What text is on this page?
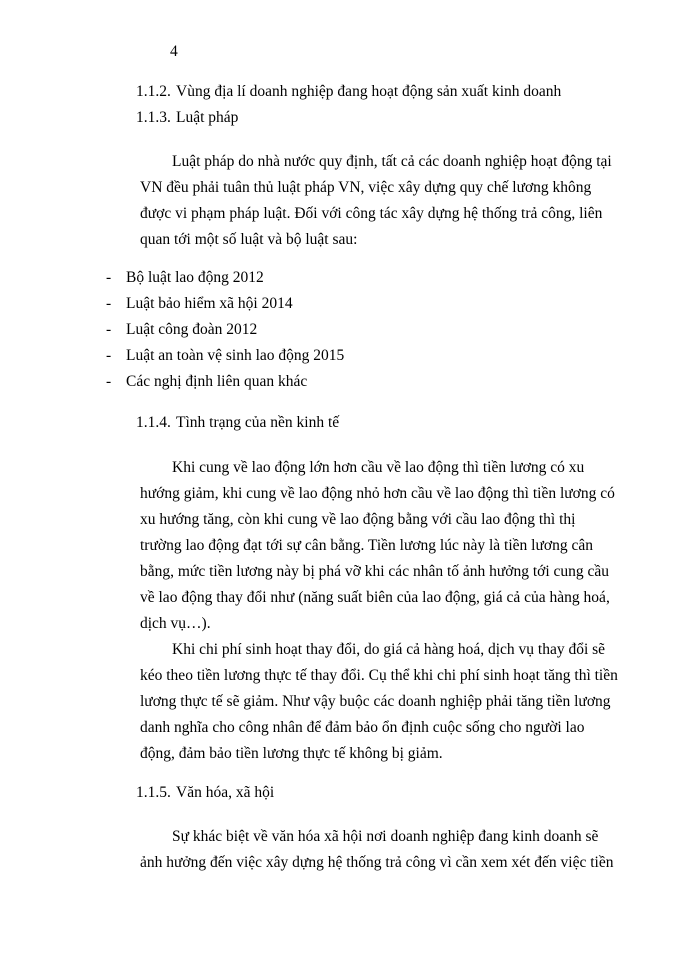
4
1.1.2. Vùng địa lí doanh nghiệp đang hoạt động sản xuất kinh doanh
1.1.3. Luật pháp
Luật pháp do nhà nước quy định, tất cả các doanh nghiệp hoạt động tại
VN đều phải tuân thủ luật pháp VN, việc xây dựng quy chế lương không
được vi phạm pháp luật. Đối với công tác xây dựng hệ thống trả công, liên
quan tới một số luật và bộ luật sau:
- Bộ luật lao động 2012
- Luật bảo hiểm xã hội 2014
- Luật công đoàn 2012
- Luật an toàn vệ sinh lao động 2015
- Các nghị định liên quan khác
1.1.4. Tình trạng của nền kinh tế
Khi cung về lao động lớn hơn cầu về lao động thì tiền lương có xu
hướng giảm, khi cung về lao động nhỏ hơn cầu về lao động thì tiền lương có
xu hướng tăng, còn khi cung về lao động bằng với cầu lao động thì thị
trường lao động đạt tới sự cân bằng. Tiền lương lúc này là tiền lương cân
bằng, mức tiền lương này bị phá vỡ khi các nhân tố ảnh hưởng tới cung cầu
về lao động thay đổi như (năng suất biên của lao động, giá cả của hàng hoá,
dịch vụ…).
Khi chi phí sinh hoạt thay đổi, do giá cả hàng hoá, dịch vụ thay đổi sẽ
kéo theo tiền lương thực tế thay đổi. Cụ thể khi chi phí sinh hoạt tăng thì tiền
lương thực tế sẽ giảm. Như vậy buộc các doanh nghiệp phải tăng tiền lương
danh nghĩa cho công nhân để đảm bảo ổn định cuộc sống cho người lao
động, đảm bảo tiền lương thực tế không bị giảm.
1.1.5. Văn hóa, xã hội
Sự khác biệt về văn hóa xã hội nơi doanh nghiệp đang kinh doanh sẽ
ảnh hưởng đến việc xây dựng hệ thống trả công vì cần xem xét đến việc tiền
